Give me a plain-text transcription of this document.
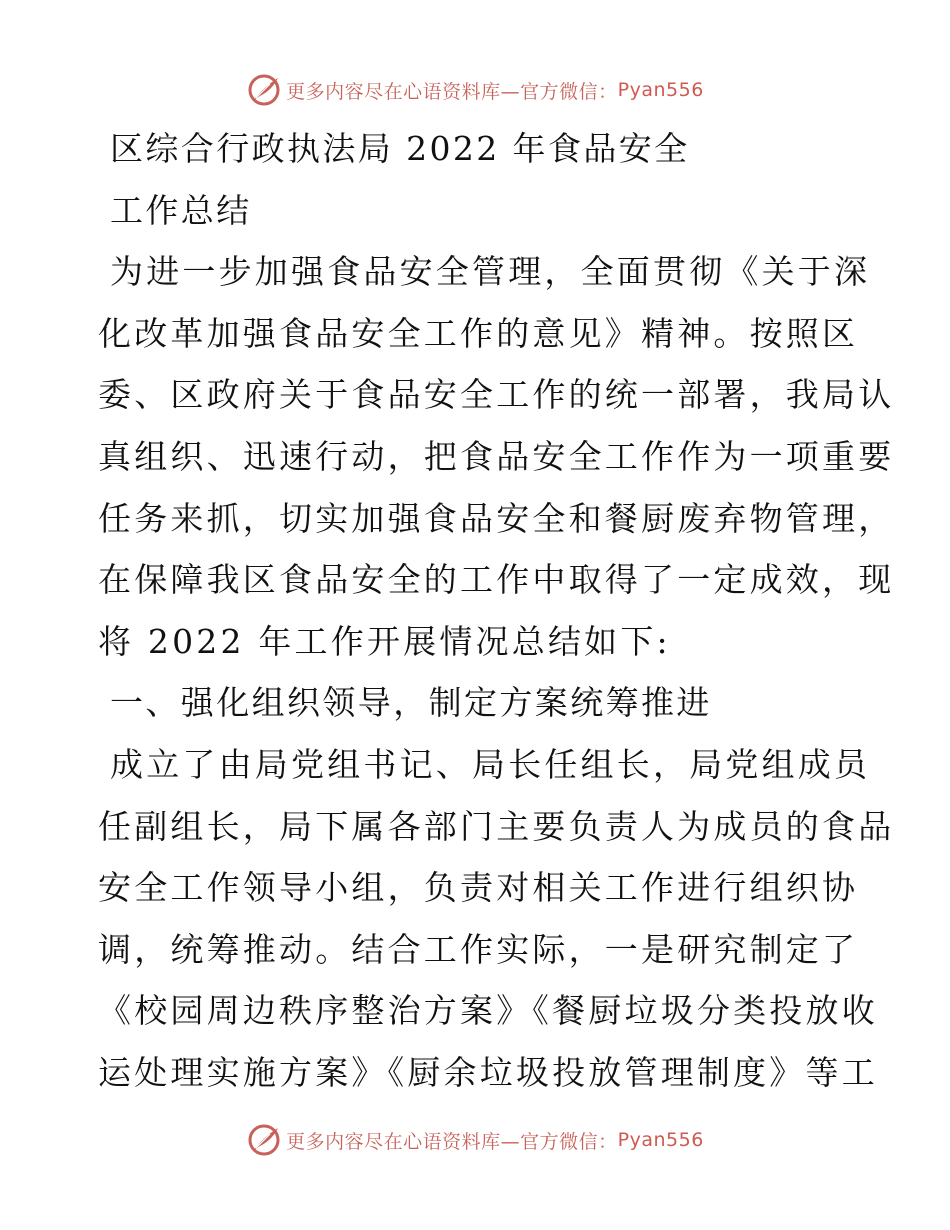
更多内容尽在心语资料库—官方微信： Pyan556
区综合行政执法局 2022 年食品安全
工作总结
为进一步加强食品安全管理，全面贯彻《关于深
化改革加强食品安全工作的意见》精神。按照区
委、区政府关于食品安全工作的统一部署，我局认
真组织、迅速行动，把食品安全工作作为一项重要
任务来抓，切实加强食品安全和餐厨废弃物管理，
在保障我区食品安全的工作中取得了一定成效，现
将 2022 年工作开展情况总结如下:
一、强化组织领导，制定方案统筹推进
成立了由局党组书记、局长任组长，局党组成员
任副组长，局下属各部门主要负责人为成员的食品
安全工作领导小组，负责对相关工作进行组织协
调，统筹推动。结合工作实际，一是研究制定了
《校园周边秩序整治方案》《餐厨垃圾分类投放收
运处理实施方案》《厨余垃圾投放管理制度》等工
更多内容尽在心语资料库—官方微信： Pyan556
